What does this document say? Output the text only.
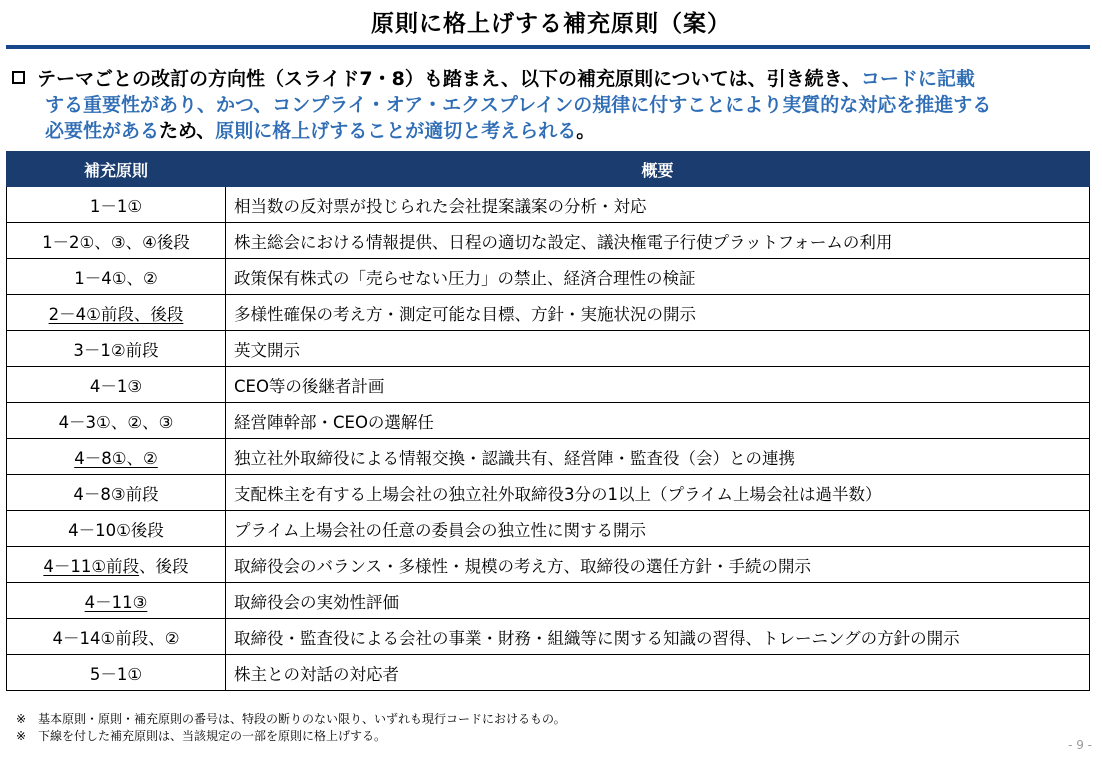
原則に格上げする補充原則（案）
テーマごとの改訂の方向性（スライド7・8）も踏まえ、以下の補充原則については、引き続き、コードに記載
する重要性があり、かつ、コンプライ・オア・エクスプレインの規律に付すことにより実質的な対応を推進する
必要性があるため、原則に格上げすることが適切と考えられる。
補充原則	概要
1－1①	相当数の反対票が投じられた会社提案議案の分析・対応
1－2①、③、④後段	株主総会における情報提供、日程の適切な設定、議決権電子行使プラットフォームの利用
1－4①、②	政策保有株式の「売らせない圧力」の禁止、経済合理性の検証
2－4①前段、後段	多様性確保の考え方・測定可能な目標、方針・実施状況の開示
3－1②前段	英文開示
4－1③	CEO等の後継者計画
4－3①、②、③	経営陣幹部・CEOの選解任
4－8①、②	独立社外取締役による情報交換・認識共有、経営陣・監査役（会）との連携
4－8③前段	支配株主を有する上場会社の独立社外取締役3分の1以上（プライム上場会社は過半数）
4－10①後段	プライム上場会社の任意の委員会の独立性に関する開示
4－11①前段、後段	取締役会のバランス・多様性・規模の考え方、取締役の選任方針・手続の開示
4－11③	取締役会の実効性評価
4－14①前段、②	取締役・監査役による会社の事業・財務・組織等に関する知識の習得、トレーニングの方針の開示
5－1①	株主との対話の対応者
※　基本原則・原則・補充原則の番号は、特段の断りのない限り、いずれも現行コードにおけるもの。
※　下線を付した補充原則は、当該規定の一部を原則に格上げする。
- 9 -
